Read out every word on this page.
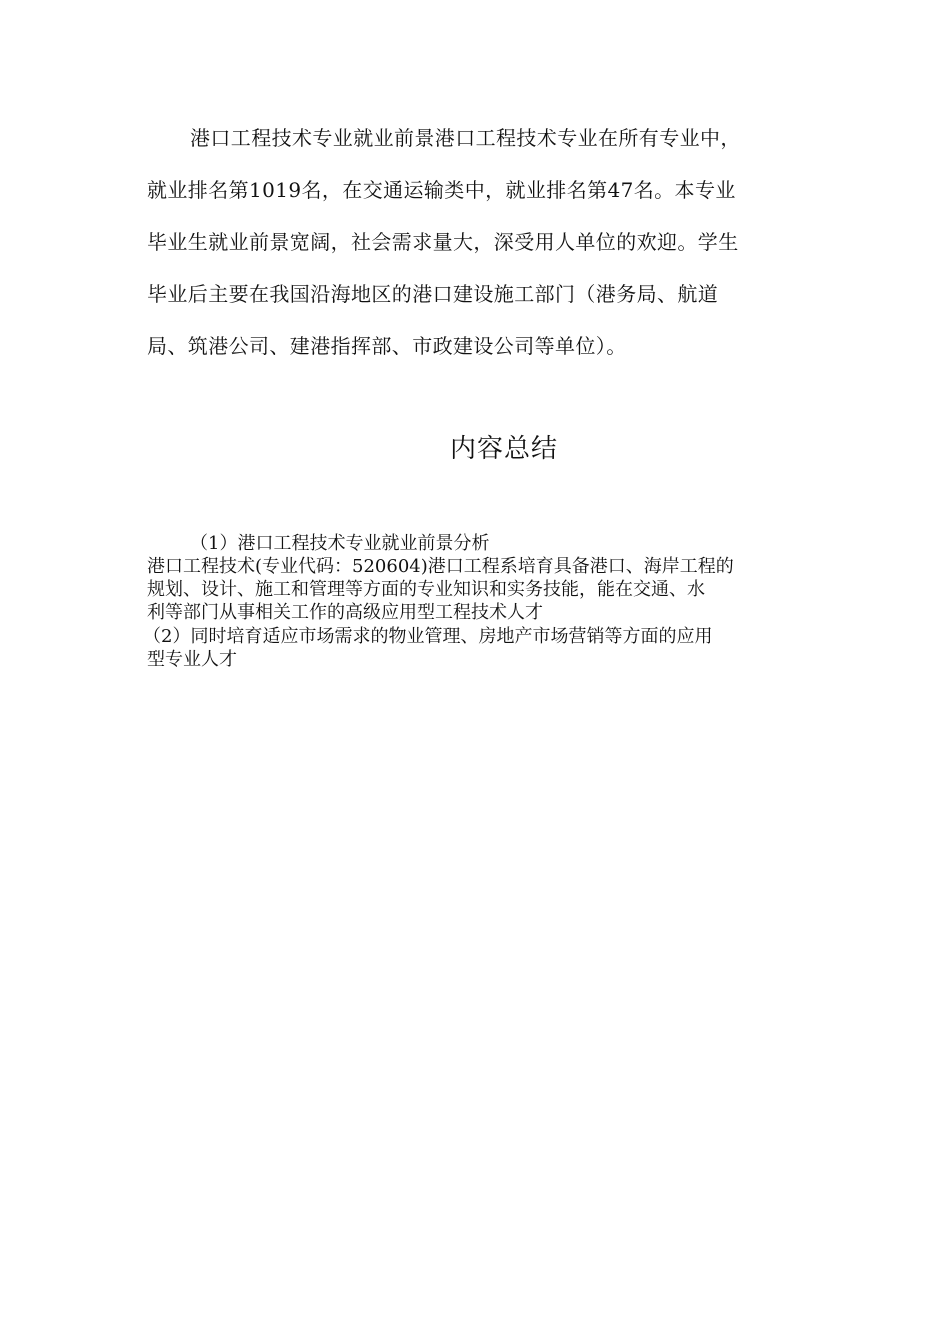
港口工程技术专业就业前景港口工程技术专业在所有专业中，
就业排名第1019名，在交通运输类中，就业排名第47名。本专业
毕业生就业前景宽阔，社会需求量大，深受用人单位的欢迎。学生
毕业后主要在我国沿海地区的港口建设施工部门（港务局、航道
局、筑港公司、建港指挥部、市政建设公司等单位）。
内容总结
（1）港口工程技术专业就业前景分析
港口工程技术(专业代码：520604)港口工程系培育具备港口、海岸工程的
规划、设计、施工和管理等方面的专业知识和实务技能，能在交通、水
利等部门从事相关工作的高级应用型工程技术人才
（2）同时培育适应市场需求的物业管理、房地产市场营销等方面的应用
型专业人才
